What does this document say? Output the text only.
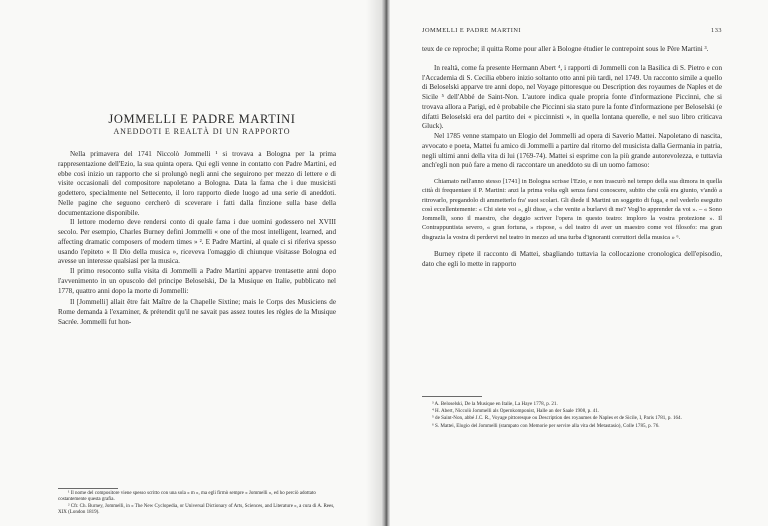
JOMMELLI E PADRE MARTINI
ANEDDOTI E REALTÀ DI UN RAPPORTO

Nella primavera del 1741 Niccolò Jommelli ¹ si trovava a Bologna per la prima rappresentazione dell'Ezio, la sua quinta opera. Qui egli venne in contatto con Padre Martini, ed ebbe così inizio un rapporto che si prolungò negli anni che seguirono per mezzo di lettere e di visite occasionali del compositore napoletano a Bologna. Data la fama che i due musicisti godettero, specialmente nel Settecento, il loro rapporto diede luogo ad una serie di aneddoti. Nelle pagine che seguono cercherò di sceverare i fatti dalla finzione sulla base della documentazione disponibile.

Il lettore moderno deve rendersi conto di quale fama i due uomini godessero nel XVIII secolo. Per esempio, Charles Burney definì Jommelli « one of the most intelligent, learned, and affecting dramatic composers of modern times » ². E Padre Martini, al quale ci si riferiva spesso usando l'epiteto « Il Dio della musica », riceveva l'omaggio di chiunque visitasse Bologna ed avesse un interesse qualsiasi per la musica.

Il primo resoconto sulla visita di Jommelli a Padre Martini apparve trentasette anni dopo l'avvenimento in un opuscolo del principe Beloselski, De la Musique en Italie, pubblicato nel 1778, quattro anni dopo la morte di Jommelli:

Il [Jommelli] allait être fait Maître de la Chapelle Sixtine; mais le Corps des Musiciens de Rome demanda à l'examiner, & prétendit qu'il ne savait pas assez toutes les règles de la Musique Sacrée. Jommelli fut hon-

¹ Il nome del compositore viene spesso scritto con una sola « m », ma egli firmò sempre « Jommelli », ed ho perciò adottato costantemente questa grafia.

² Cfr. Ch. Burney, Jommelli, in « The New Cyclopedia, or Universal Dictionary of Arts, Sciences, and Literature », a cura di A. Rees, XIX (London 1819).

JOMMELLI E PADRE MARTINI	133

teux de ce reproche; il quitta Rome pour aller à Bologne étudier le contrepoint sous le Père Martini ³.

In realtà, come fa presente Hermann Abert ⁴, i rapporti di Jommelli con la Basilica di S. Pietro e con l'Accademia di S. Cecilia ebbero inizio soltanto otto anni più tardi, nel 1749. Un racconto simile a quello di Beloselski apparve tre anni dopo, nel Voyage pittoresque ou Description des royaumes de Naples et de Sicile ⁵ dell'Abbé de Saint-Non. L'autore indica quale propria fonte d'informazione Piccinni, che si trovava allora a Parigi, ed è probabile che Piccinni sia stato pure la fonte d'informazione per Beloselski (e difatti Beloselski era del partito dei « piccinnisti », in quella lontana querelle, e nel suo libro criticava Gluck).

Nel 1785 venne stampato un Elogio del Jommelli ad opera di Saverio Mattei. Napoletano di nascita, avvocato e poeta, Mattei fu amico di Jommelli a partire dal ritorno del musicista dalla Germania in patria, negli ultimi anni della vita di lui (1769-74). Mattei si esprime con la più grande autorevolezza, e tuttavia anch'egli non può fare a meno di raccontare un aneddoto su di un uomo famoso:

Chiamato nell'anno stesso [1741] in Bologna scrisse l'Ezio, e non trascurò nel tempo della sua dimora in quella città di frequentare il P. Martini: anzi la prima volta egli senza farsi conoscere, subito che colà era giunto, v'andò a ritrovarlo, pregandolo di ammetterlo fra' suoi scolari. Gli diede il Martini un soggetto di fuga, e nel vederlo eseguito così eccellentemente: « Chi siete voi », gli disse, « che venite a burlarvi di me? Vogl'io apprender da voi ». – « Sono Jommelli, sono il maestro, che deggio scriver l'opera in questo teatro: imploro la vostra protezione ». Il Contrappuntista severo, « gran fortuna, » rispose, « del teatro di aver un maestro come voi filosofo: ma gran disgrazia la vostra di perdervi nel teatro in mezzo ad una turba d'ignoranti corruttori della musica » ⁶.

Burney ripete il racconto di Mattei, sbagliando tuttavia la collocazione cronologica dell'episodio, dato che egli lo mette in rapporto

³ A. Beloselski, De la Musique en Italie, La Haye 1778, p. 21.

⁴ H. Abert, Niccolò Jommelli als Opernkomponist, Halle an der Saale 1908, p. 41.

⁵ de Saint-Non, abbé J.C. R., Voyage pittoresque ou Description des royaumes de Naples et de Sicile, I, Paris 1781, p. 164.

⁶ S. Mattei, Elogio del Jommelli (stampato con Memorie per servire alla vita del Metastasio), Colle 1785, p. 76.
